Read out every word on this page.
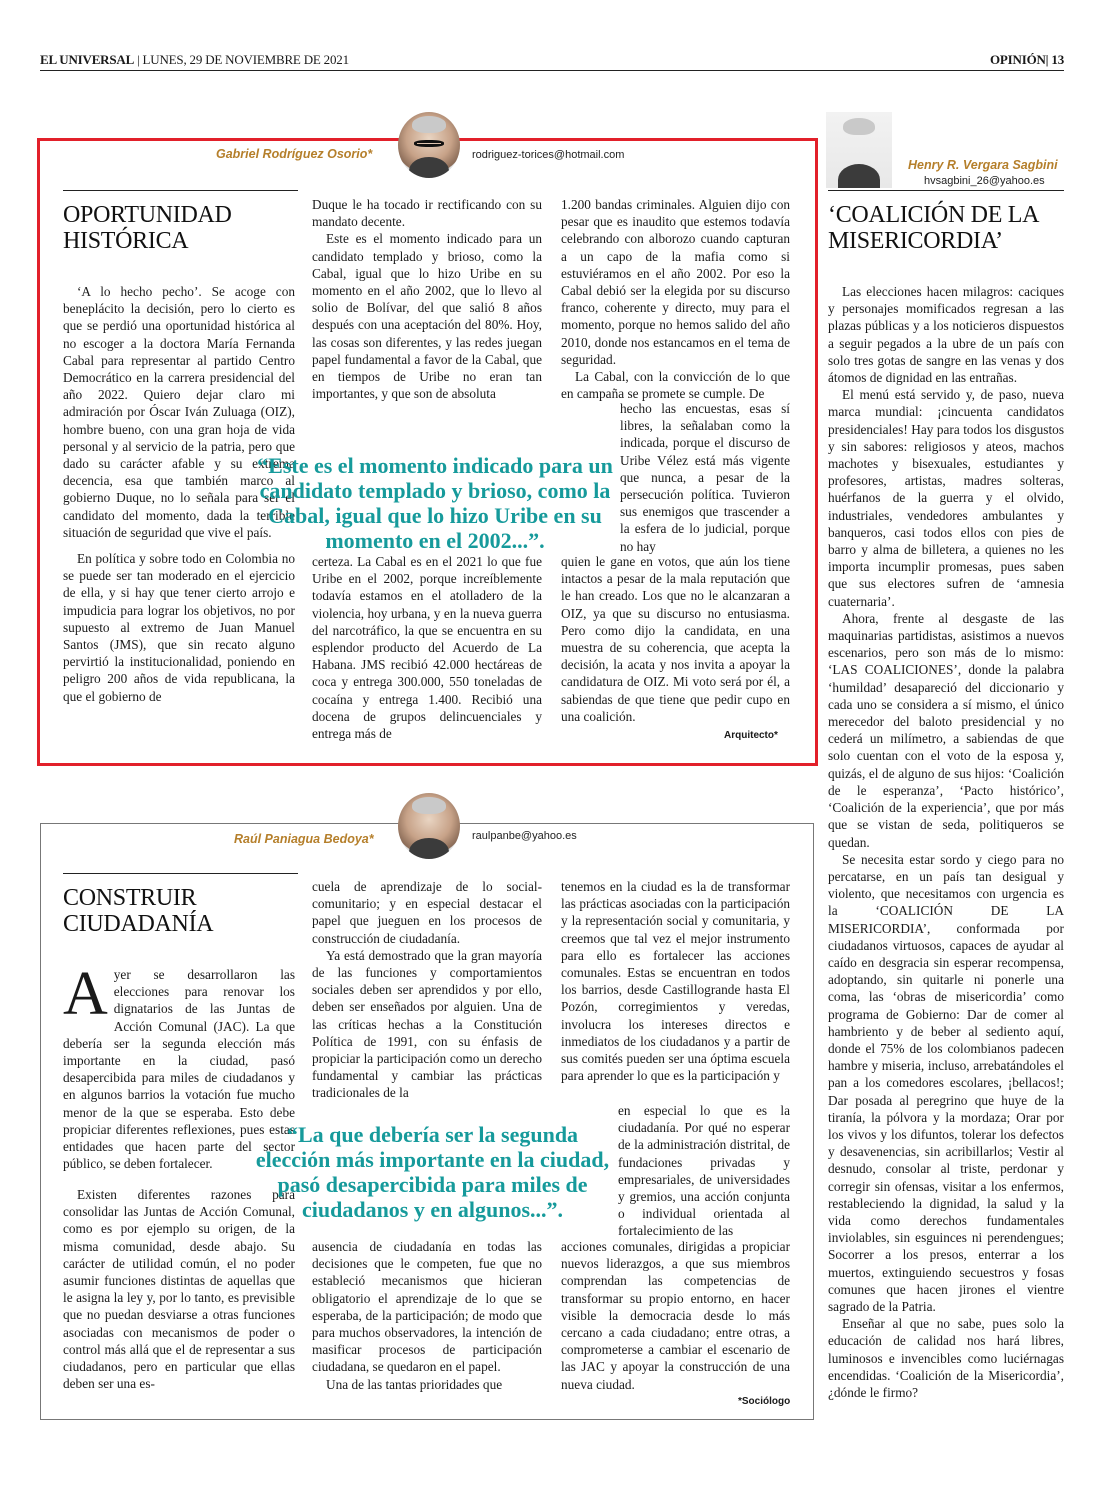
EL UNIVERSAL | LUNES, 29 DE NOVIEMBRE DE 2021	OPINIÓN| 13
Gabriel Rodríguez Osorio*	rodriguez-torices@hotmail.com
OPORTUNIDAD HISTÓRICA

‘A lo hecho pecho’. Se acoge con beneplácito la decisión, pero lo cierto es que se perdió una oportunidad histórica al no escoger a la doctora María Fernanda Cabal para representar al partido Centro Democrático en la carrera presidencial del año 2022. Quiero dejar claro mi admiración por Óscar Iván Zuluaga (OIZ), hombre bueno, con una gran hoja de vida personal y al servicio de la patria, pero que dado su carácter afable y su extrema decencia, esa que también marco al gobierno Duque, no lo señala para ser el candidato del momento, dada la terrible situación de seguridad que vive el país.

En política y sobre todo en Colombia no se puede ser tan moderado en el ejercicio de ella, y si hay que tener cierto arrojo e impudicia para lograr los objetivos, no por supuesto al extremo de Juan Manuel Santos (JMS), que sin recato alguno pervirtió la institucionalidad, poniendo en peligro 200 años de vida republicana, la que el gobierno de

Duque le ha tocado ir rectificando con su mandato decente.

Este es el momento indicado para un candidato templado y brioso, como la Cabal, igual que lo hizo Uribe en su momento en el año 2002, que lo llevo al solio de Bolívar, del que salió 8 años después con una aceptación del 80%. Hoy, las cosas son diferentes, y las redes juegan papel fundamental a favor de la Cabal, que en tiempos de Uribe no eran tan importantes, y que son de absoluta

certeza. La Cabal es en el 2021 lo que fue Uribe en el 2002, porque increíblemente todavía estamos en el atolladero de la violencia, hoy urbana, y en la nueva guerra del narcotráfico, la que se encuentra en su esplendor producto del Acuerdo de La Habana. JMS recibió 42.000 hectáreas de coca y entrega 300.000, 550 toneladas de cocaína y entrega 1.400. Recibió una docena de grupos delincuenciales y entrega más de

1.200 bandas criminales. Alguien dijo con pesar que es inaudito que estemos todavía celebrando con alborozo cuando capturan a un capo de la mafia como si estuviéramos en el año 2002. Por eso la Cabal debió ser la elegida por su discurso franco, coherente y directo, muy para el momento, porque no hemos salido del año 2010, donde nos estancamos en el tema de seguridad.

La Cabal, con la convicción de lo que en campaña se promete se cumple. De

hecho las encuestas, esas sí libres, la señalaban como la indicada, porque el discurso de Uribe Vélez está más vigente que nunca, a pesar de la persecución política. Tuvieron sus enemigos que trascender a la esfera de lo judicial, porque no hay

quien le gane en votos, que aún los tiene intactos a pesar de la mala reputación que le han creado. Los que no le alcanzaran a OIZ, ya que su discurso no entusiasma. Pero como dijo la candidata, en una muestra de su coherencia, que acepta la decisión, la acata y nos invita a apoyar la candidatura de OIZ. Mi voto será por él, a sabiendas de que tiene que pedir cupo en una coalición.

“Este es el momento indicado para un candidato templado y brioso, como la Cabal, igual que lo hizo Uribe en su momento en el 2002...”.
Arquitecto*
Henry R. Vergara Sagbini
hvsagbini_26@yahoo.es
‘COALICIÓN DE LA MISERICORDIA’

Las elecciones hacen milagros: caciques y personajes momificados regresan a las plazas públicas y a los noticieros dispuestos a seguir pegados a la ubre de un país con solo tres gotas de sangre en las venas y dos átomos de dignidad en las entrañas.

El menú está servido y, de paso, nueva marca mundial: ¡cincuenta candidatos presidenciales! Hay para todos los disgustos y sin sabores: religiosos y ateos, machos machotes y bisexuales, estudiantes y profesores, artistas, madres solteras, huérfanos de la guerra y el olvido, industriales, vendedores ambulantes y banqueros, casi todos ellos con pies de barro y alma de billetera, a quienes no les importa incumplir promesas, pues saben que sus electores sufren de ‘amnesia cuaternaria’.

Ahora, frente al desgaste de las maquinarias partidistas, asistimos a nuevos escenarios, pero son más de lo mismo: ‘LAS COALICIONES’, donde la palabra ‘humildad’ desapareció del diccionario y cada uno se considera a sí mismo, el único merecedor del baloto presidencial y no cederá un milímetro, a sabiendas de que solo cuentan con el voto de la esposa y, quizás, el de alguno de sus hijos: ‘Coalición de le esperanza’, ‘Pacto histórico’, ‘Coalición de la experiencia’, que por más que se vistan de seda, politiqueros se quedan.

Se necesita estar sordo y ciego para no percatarse, en un país tan desigual y violento, que necesitamos con urgencia es la ‘COALICIÓN DE LA MISERICORDIA’, conformada por ciudadanos virtuosos, capaces de ayudar al caído en desgracia sin esperar recompensa, adoptando, sin quitarle ni ponerle una coma, las ‘obras de misericordia’ como programa de Gobierno: Dar de comer al hambriento y de beber al sediento aquí, donde el 75% de los colombianos padecen hambre y miseria, incluso, arrebatándoles el pan a los comedores escolares, ¡bellacos!; Dar posada al peregrino que huye de la tiranía, la pólvora y la mordaza; Orar por los vivos y los difuntos, tolerar los defectos y desavenencias, sin acribillarlos; Vestir al desnudo, consolar al triste, perdonar y corregir sin ofensas, visitar a los enfermos, restableciendo la dignidad, la salud y la vida como derechos fundamentales inviolables, sin esguinces ni perendengues; Socorrer a los presos, enterrar a los muertos, extinguiendo secuestros y fosas comunes que hacen jirones el vientre sagrado de la Patria.

Enseñar al que no sabe, pues solo la educación de calidad nos hará libres, luminosos e invencibles como luciérnagas encendidas. ‘Coalición de la Misericordia’, ¿dónde le firmo?

Raúl Paniagua Bedoya*	raulpanbe@yahoo.es
CONSTRUIR CIUDADANÍA

Ayer se desarrollaron las elecciones para renovar los dignatarios de las Juntas de Acción Comunal (JAC). La que debería ser la segunda elección más importante en la ciudad, pasó desapercibida para miles de ciudadanos y en algunos barrios la votación fue mucho menor de la que se esperaba. Esto debe propiciar diferentes reflexiones, pues estas entidades que hacen parte del sector público, se deben fortalecer.

Existen diferentes razones para consolidar las Juntas de Acción Comunal, como es por ejemplo su origen, de la misma comunidad, desde abajo. Su carácter de utilidad común, el no poder asumir funciones distintas de aquellas que le asigna la ley y, por lo tanto, es previsible que no puedan desviarse a otras funciones asociadas con mecanismos de poder o control más allá que el de representar a sus ciudadanos, pero en particular que ellas deben ser una es-

cuela de aprendizaje de lo social-comunitario; y en especial destacar el papel que jueguen en los procesos de construcción de ciudadanía.

Ya está demostrado que la gran mayoría de las funciones y comportamientos sociales deben ser aprendidos y por ello, deben ser enseñados por alguien. Una de las críticas hechas a la Constitución Política de 1991, con su énfasis de propiciar la participación como un derecho fundamental y cambiar las prácticas tradicionales de la

ausencia de ciudadanía en todas las decisiones que le competen, fue que no estableció mecanismos que hicieran obligatorio el aprendizaje de lo que se esperaba, de la participación; de modo que para muchos observadores, la intención de masificar procesos de participación ciudadana, se quedaron en el papel.

Una de las tantas prioridades que

tenemos en la ciudad es la de transformar las prácticas asociadas con la participación y la representación social y comunitaria, y creemos que tal vez el mejor instrumento para ello es fortalecer las acciones comunales. Estas se encuentran en todos los barrios, desde Castillogrande hasta El Pozón, corregimientos y veredas, involucra los intereses directos e inmediatos de los ciudadanos y a partir de sus comités pueden ser una óptima escuela para aprender lo que es la participación y

en especial lo que es la ciudadanía. Por qué no esperar de la administración distrital, de fundaciones privadas y empresariales, de universidades y gremios, una acción conjunta o individual orientada al fortalecimiento de las

acciones comunales, dirigidas a propiciar nuevos liderazgos, a que sus miembros comprendan las competencias de transformar su propio entorno, en hacer visible la democracia desde lo más cercano a cada ciudadano; entre otras, a comprometerse a cambiar el escenario de las JAC y apoyar la construcción de una nueva ciudad.

“La que debería ser la segunda elección más importante en la ciudad, pasó desapercibida para miles de ciudadanos y en algunos...”.
*Sociólogo
